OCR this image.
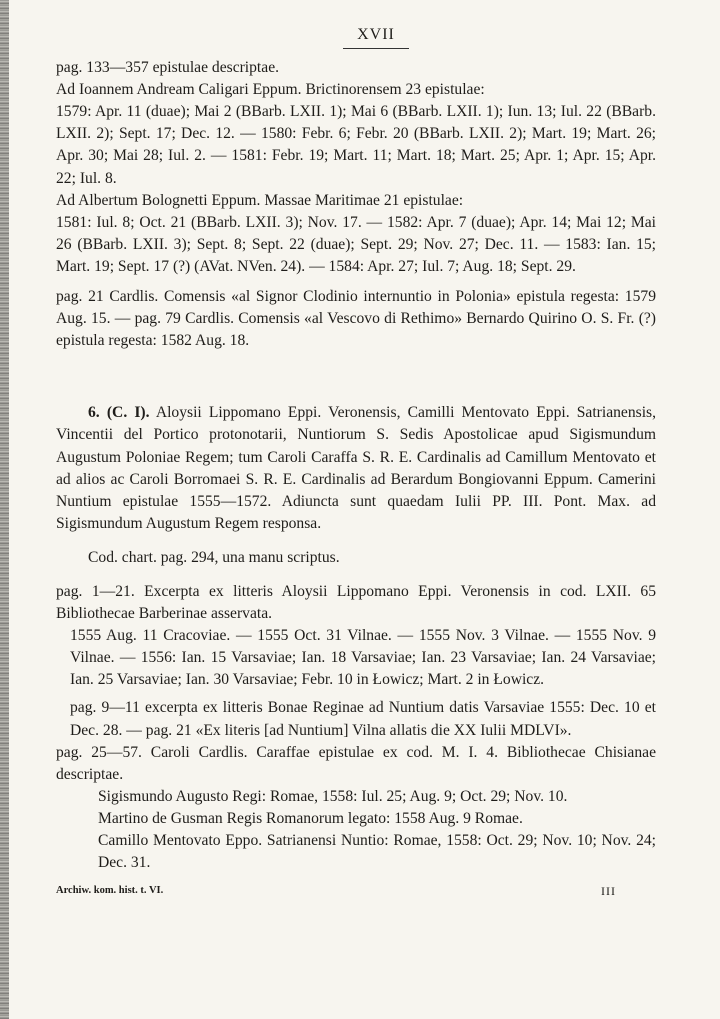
XVII

pag. 133—357 epistulae descriptae.

Ad Ioannem Andream Caligari Eppum. Brictinorensem 23 epistulae:

1579: Apr. 11 (duae); Mai 2 (BBarb. LXII. 1); Mai 6 (BBarb. LXII. 1); Iun. 13; Iul. 22 (BBarb. LXII. 2); Sept. 17; Dec. 12. — 1580: Febr. 6; Febr. 20 (BBarb. LXII. 2); Mart. 19; Mart. 26; Apr. 30; Mai 28; Iul. 2. — 1581: Febr. 19; Mart. 11; Mart. 18; Mart. 25; Apr. 1; Apr. 15; Apr. 22; Iul. 8.

Ad Albertum Bolognetti Eppum. Massae Maritimae 21 epistulae:

1581: Iul. 8; Oct. 21 (BBarb. LXII. 3); Nov. 17. — 1582: Apr. 7 (duae); Apr. 14; Mai 12; Mai 26 (BBarb. LXII. 3); Sept. 8; Sept. 22 (duae); Sept. 29; Nov. 27; Dec. 11. — 1583: Ian. 15; Mart. 19; Sept. 17 (?) (AVat. NVen. 24). — 1584: Apr. 27; Iul. 7; Aug. 18; Sept. 29.

pag. 21 Cardlis. Comensis «al Signor Clodinio internuntio in Polonia» epistula regesta: 1579 Aug. 15. — pag. 79 Cardlis. Comensis «al Vescovo di Rethimo» Bernardo Quirino O. S. Fr. (?) epistula regesta: 1582 Aug. 18.

6. (C. I). Aloysii Lippomano Eppi. Veronensis, Camilli Mentovato Eppi. Satrianensis, Vincentii del Portico protonotarii, Nuntiorum S. Sedis Apostolicae apud Sigismundum Augustum Poloniae Regem; tum Caroli Caraffa S. R. E. Cardinalis ad Camillum Mentovato et ad alios ac Caroli Borromaei S. R. E. Cardinalis ad Berardum Bongiovanni Eppum. Camerini Nuntium epistulae 1555—1572. Adiuncta sunt quaedam Iulii PP. III. Pont. Max. ad Sigismundum Augustum Regem responsa.

Cod. chart. pag. 294, una manu scriptus.

pag. 1—21. Excerpta ex litteris Aloysii Lippomano Eppi. Veronensis in cod. LXII. 65 Bibliothecae Barberinae asservata.

1555 Aug. 11 Cracoviae. — 1555 Oct. 31 Vilnae. — 1555 Nov. 3 Vilnae. — 1555 Nov. 9 Vilnae. — 1556: Ian. 15 Varsaviae; Ian. 18 Varsaviae; Ian. 23 Varsaviae; Ian. 24 Varsaviae; Ian. 25 Varsaviae; Ian. 30 Varsaviae; Febr. 10 in Łowicz; Mart. 2 in Łowicz.

pag. 9—11 excerpta ex litteris Bonae Reginae ad Nuntium datis Varsaviae 1555: Dec. 10 et Dec. 28. — pag. 21 «Ex literis [ad Nuntium] Vilna allatis die XX Iulii MDLVI».

pag. 25—57. Caroli Cardlis. Caraffae epistulae ex cod. M. I. 4. Bibliothecae Chisianae descriptae.

Sigismundo Augusto Regi: Romae, 1558: Iul. 25; Aug. 9; Oct. 29; Nov. 10.

Martino de Gusman Regis Romanorum legato: 1558 Aug. 9 Romae.

Camillo Mentovato Eppo. Satrianensi Nuntio: Romae, 1558: Oct. 29; Nov. 10; Nov. 24; Dec. 31.

Archiw. kom. hist. t. VI.	III
